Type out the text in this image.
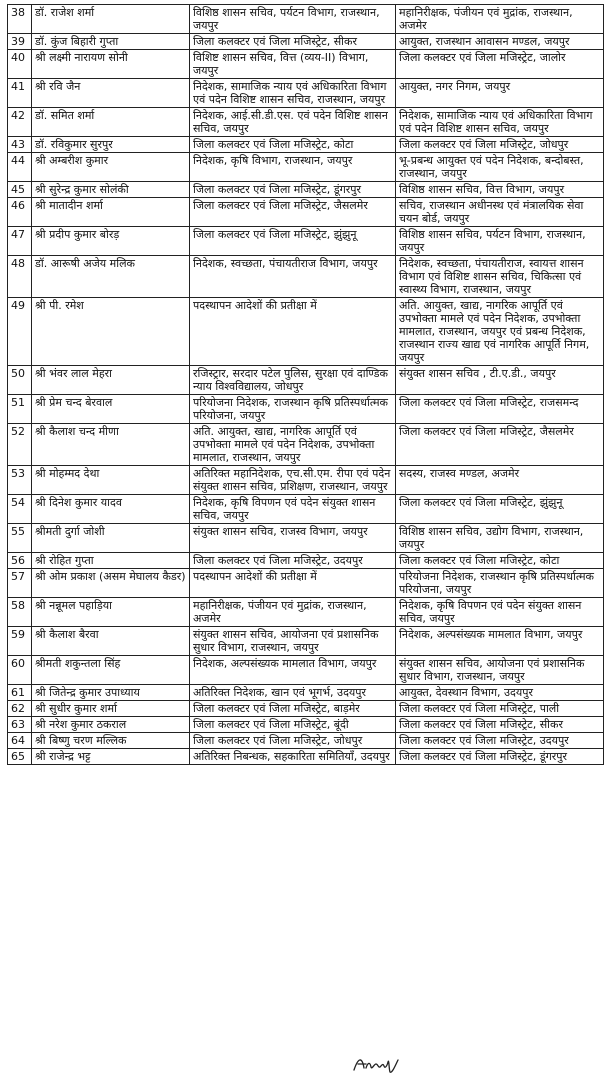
38	डॉ. राजेश शर्मा	विशिष्ठ शासन सचिव, पर्यटन विभाग, राजस्थान, जयपुर	महानिरीक्षक, पंजीयन एवं मुद्रांक, राजस्थान, अजमेर
39	डॉ. कुंज बिहारी गुप्ता	जिला कलक्टर एवं जिला मजिस्ट्रेट, सीकर	आयुक्त, राजस्थान आवासन मण्डल, जयपुर
40	श्री लक्ष्मी नारायण सोनी	विशिष्ट शासन सचिव, वित्त (व्यय-II) विभाग, जयपुर	जिला कलक्टर एवं जिला मजिस्ट्रेट, जालोर
41	श्री रवि जैन	निदेशक, सामाजिक न्याय एवं अधिकारिता विभाग एवं पदेन विशिष्ट शासन सचिव, राजस्थान, जयपुर	आयुक्त, नगर निगम, जयपुर
42	डॉ. समित शर्मा	निदेशक, आई.सी.डी.एस. एवं पदेन विशिष्ट शासन सचिव, जयपुर	निदेशक, सामाजिक न्याय एवं अधिकारिता विभाग एवं पदेन विशिष्ट शासन सचिव, जयपुर
43	डॉ. रविकुमार सुरपुर	जिला कलक्टर एवं जिला मजिस्ट्रेट, कोटा	जिला कलक्टर एवं जिला मजिस्ट्रेट, जोधपुर
44	श्री अम्बरीश कुमार	निदेशक, कृषि विभाग, राजस्थान, जयपुर	भू-प्रबन्ध आयुक्त एवं पदेन निदेशक, बन्दोबस्त, राजस्थान, जयपुर
45	श्री सुरेन्द्र कुमार सोलंकी	जिला कलक्टर एवं जिला मजिस्ट्रेट, डूंगरपुर	विशिष्ठ शासन सचिव, वित्त विभाग, जयपुर
46	श्री मातादीन शर्मा	जिला कलक्टर एवं जिला मजिस्ट्रेट, जैसलमेर	सचिव, राजस्थान अधीनस्थ एवं मंत्रालयिक सेवा चयन बोर्ड, जयपुर
47	श्री प्रदीप कुमार बोरड़	जिला कलक्टर एवं जिला मजिस्ट्रेट, झुंझुनू	विशिष्ठ शासन सचिव, पर्यटन विभाग, राजस्थान, जयपुर
48	डॉ. आरूषी अजेय मलिक	निदेशक, स्वच्छता, पंचायतीराज विभाग, जयपुर	निदेशक, स्वच्छता, पंचायतीराज, स्वायत्त शासन विभाग एवं विशिष्ट शासन सचिव, चिकित्सा एवं स्वास्थ्य विभाग, राजस्थान, जयपुर
49	श्री पी. रमेश	पदस्थापन आदेशों की प्रतीक्षा में	अति. आयुक्त, खाद्य, नागरिक आपूर्ति एवं उपभोक्ता मामले एवं पदेन निदेशक, उपभोक्ता मामलात, राजस्थान, जयपुर एवं प्रबन्ध निदेशक, राजस्थान राज्य खाद्य एवं नागरिक आपूर्ति निगम, जयपुर
50	श्री भंवर लाल मेहरा	रजिस्ट्रार, सरदार पटेल पुलिस, सुरक्षा एवं दाण्डिक न्याय विश्वविद्यालय, जोधपुर	संयुक्त शासन सचिव , टी.ए.डी., जयपुर
51	श्री प्रेम चन्द बेरवाल	परियोजना निदेशक, राजस्थान कृषि प्रतिस्पर्धात्मक परियोजना, जयपुर	जिला कलक्टर एवं जिला मजिस्ट्रेट, राजसमन्द
52	श्री कैलाश चन्द मीणा	अति. आयुक्त, खाद्य, नागरिक आपूर्ति एवं उपभोक्ता मामले एवं पदेन निदेशक, उपभोक्ता मामलात, राजस्थान, जयपुर	जिला कलक्टर एवं जिला मजिस्ट्रेट, जैसलमेर
53	श्री मोहम्मद देथा	अतिरिक्त महानिदेशक, एच.सी.एम. रीपा एवं पदेन संयुक्त शासन सचिव, प्रशिक्षण, राजस्थान, जयपुर	सदस्य, राजस्व मण्डल, अजमेर
54	श्री दिनेश कुमार यादव	निदेशक, कृषि विपणन एवं पदेन संयुक्त शासन सचिव, जयपुर	जिला कलक्टर एवं जिला मजिस्ट्रेट, झुंझुनू
55	श्रीमती दुर्गा जोशी	संयुक्त शासन सचिव, राजस्व विभाग, जयपुर	विशिष्ठ शासन सचिव, उद्योग विभाग, राजस्थान, जयपुर
56	श्री रोहित गुप्ता	जिला कलक्टर एवं जिला मजिस्ट्रेट, उदयपुर	जिला कलक्टर एवं जिला मजिस्ट्रेट, कोटा
57	श्री ओम प्रकाश (असम मेघालय कैडर)	पदस्थापन आदेशों की प्रतीक्षा में	परियोजना निदेशक, राजस्थान कृषि प्रतिस्पर्धात्मक परियोजना, जयपुर
58	श्री नन्नूमल पहाड़िया	महानिरीक्षक, पंजीयन एवं मुद्रांक, राजस्थान, अजमेर	निदेशक, कृषि विपणन एवं पदेन संयुक्त शासन सचिव, जयपुर
59	श्री कैलाश बैरवा	संयुक्त शासन सचिव, आयोजना एवं प्रशासनिक सुधार विभाग, राजस्थान, जयपुर	निदेशक, अल्पसंख्यक मामलात विभाग, जयपुर
60	श्रीमती शकुन्तला सिंह	निदेशक, अल्पसंख्यक मामलात विभाग, जयपुर	संयुक्त शासन सचिव, आयोजना एवं प्रशासनिक सुधार विभाग, राजस्थान, जयपुर
61	श्री जितेन्द्र कुमार उपाध्याय	अतिरिक्त निदेशक, खान एवं भूगर्भ, उदयपुर	आयुक्त, देवस्थान विभाग, उदयपुर
62	श्री सुधीर कुमार शर्मा	जिला कलक्टर एवं जिला मजिस्ट्रेट, बाड़मेर	जिला कलक्टर एवं जिला मजिस्ट्रेट, पाली
63	श्री नरेश कुमार ठकराल	जिला कलक्टर एवं जिला मजिस्ट्रेट, बूंदी	जिला कलक्टर एवं जिला मजिस्ट्रेट, सीकर
64	श्री बिष्णु चरण मल्लिक	जिला कलक्टर एवं जिला मजिस्ट्रेट, जोधपुर	जिला कलक्टर एवं जिला मजिस्ट्रेट, उदयपुर
65	श्री राजेन्द्र भट्ट	अतिरिक्त निबन्धक, सहकारिता समितियाँ, उदयपुर	जिला कलक्टर एवं जिला मजिस्ट्रेट, डूंगरपुर
